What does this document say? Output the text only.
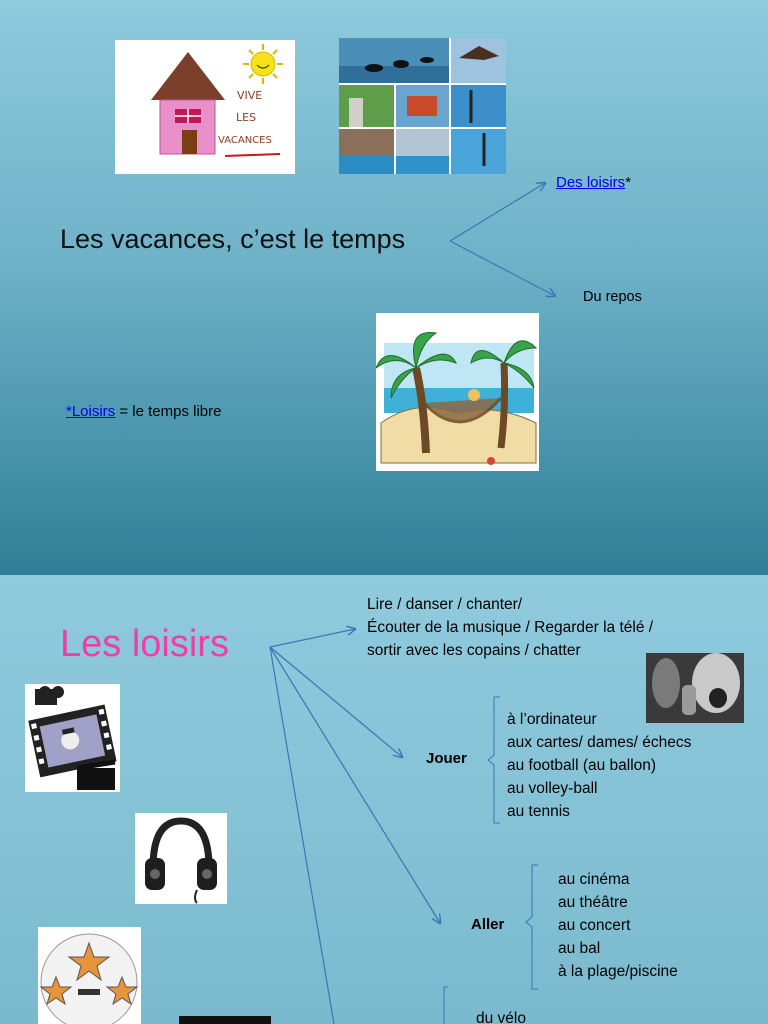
VIVE
LES
VACANCES
Les vacances, c’est le temps
Des loisirs*
Du repos
*Loisirs = le temps libre
Les loisirs
Lire / danser / chanter/
Écouter de la musique / Regarder la télé /
sortir avec les copains / chatter
Jouer
à l’ordinateur
aux cartes/ dames/ échecs
au football (au ballon)
au volley-ball
au tennis
Aller
au cinéma
au théâtre
au concert
au bal
à la plage/piscine
du vélo
